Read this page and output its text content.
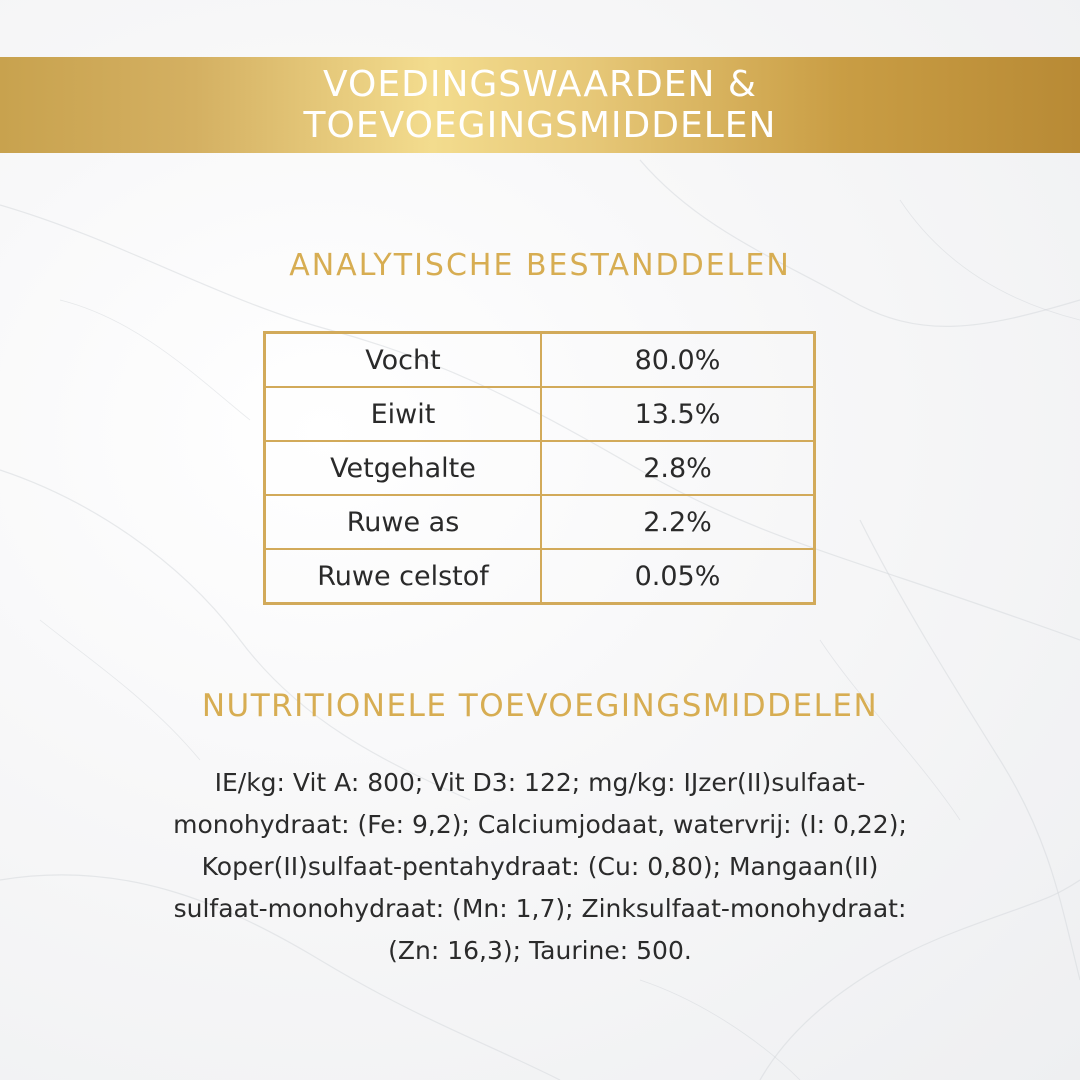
VOEDINGSWAARDEN &
TOEVOEGINGSMIDDELEN
ANALYTISCHE BESTANDDELEN
Vocht	80.0%
Eiwit	13.5%
Vetgehalte	2.8%
Ruwe as	2.2%
Ruwe celstof	0.05%
NUTRITIONELE TOEVOEGINGSMIDDELEN
IE/kg: Vit A: 800; Vit D3: 122; mg/kg: IJzer(II)sulfaat-
monohydraat: (Fe: 9,2); Calciumjodaat, watervrij: (I: 0,22);
Koper(II)sulfaat-pentahydraat: (Cu: 0,80); Mangaan(II)
sulfaat-monohydraat: (Mn: 1,7); Zinksulfaat-monohydraat:
(Zn: 16,3); Taurine: 500.
